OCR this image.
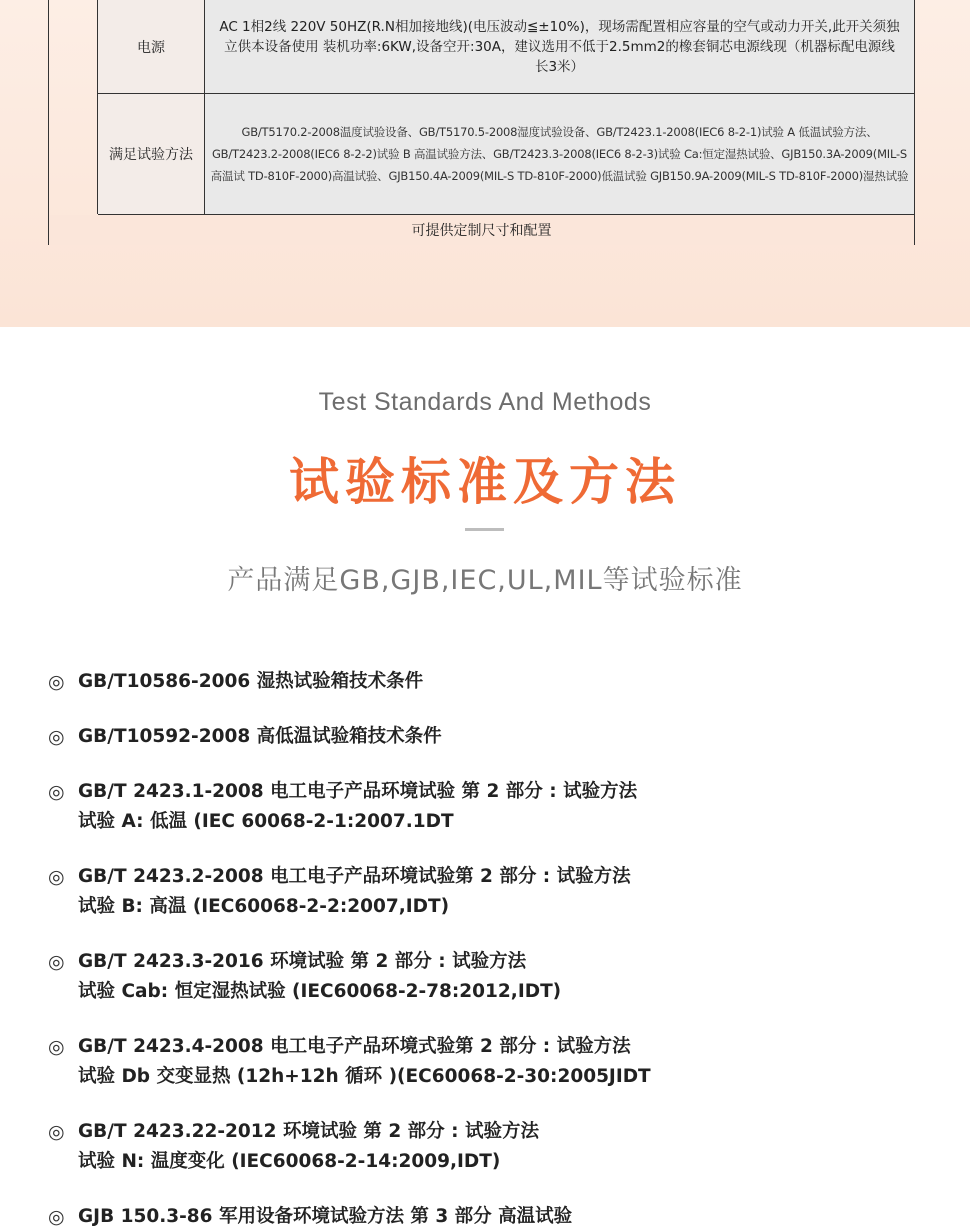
电源
AC 1相2线 220V 50HZ(R.N相加接地线)(电压波动≦±10%)，现场需配置相应容量的空气或动力开关,此开关须独立供本设备使用 装机功率:6KW,设备空开:30A，建议选用不低于2.5mm2的橡套铜芯电源线现（机器标配电源线长3米）
满足试验方法
GB/T5170.2-2008温度试验设备、GB/T5170.5-2008湿度试验设备、GB/T2423.1-2008(IEC6 8-2-1)试验 A 低温试验方法、GB/T2423.2-2008(IEC6 8-2-2)试验 B 高温试验方法、GB/T2423.3-2008(IEC6 8-2-3)试验 Ca:恒定湿热试验、GJB150.3A-2009(MIL-S 高温试 TD-810F-2000)高温试验、GJB150.4A-2009(MIL-S TD-810F-2000)低温试验 GJB150.9A-2009(MIL-S TD-810F-2000)湿热试验
可提供定制尺寸和配置
Test Standards And Methods
试验标准及方法
产品满足GB,GJB,IEC,UL,MIL等试验标准
◎ GB/T10586-2006 湿热试验箱技术条件
◎ GB/T10592-2008 高低温试验箱技术条件
◎ GB/T 2423.1-2008 电工电子产品环境试验 第 2 部分 : 试验方法
试验 A: 低温 (IEC 60068-2-1:2007.1DT
◎ GB/T 2423.2-2008 电工电子产品环境试验第 2 部分 : 试验方法
试验 B: 高温 (IEC60068-2-2:2007,IDT)
◎ GB/T 2423.3-2016 环境试验 第 2 部分 : 试验方法
试验 Cab: 恒定湿热试验 (IEC60068-2-78:2012,IDT)
◎ GB/T 2423.4-2008 电工电子产品环境式验第 2 部分 : 试验方法
试验 Db 交变显热 (12h+12h 循环 )(EC60068-2-30:2005JIDT
◎ GB/T 2423.22-2012 环境试验 第 2 部分 : 试验方法
试验 N: 温度变化 (IEC60068-2-14:2009,IDT)
◎ GJB 150.3-86 军用设备环境试验方法 第 3 部分 高温试验
